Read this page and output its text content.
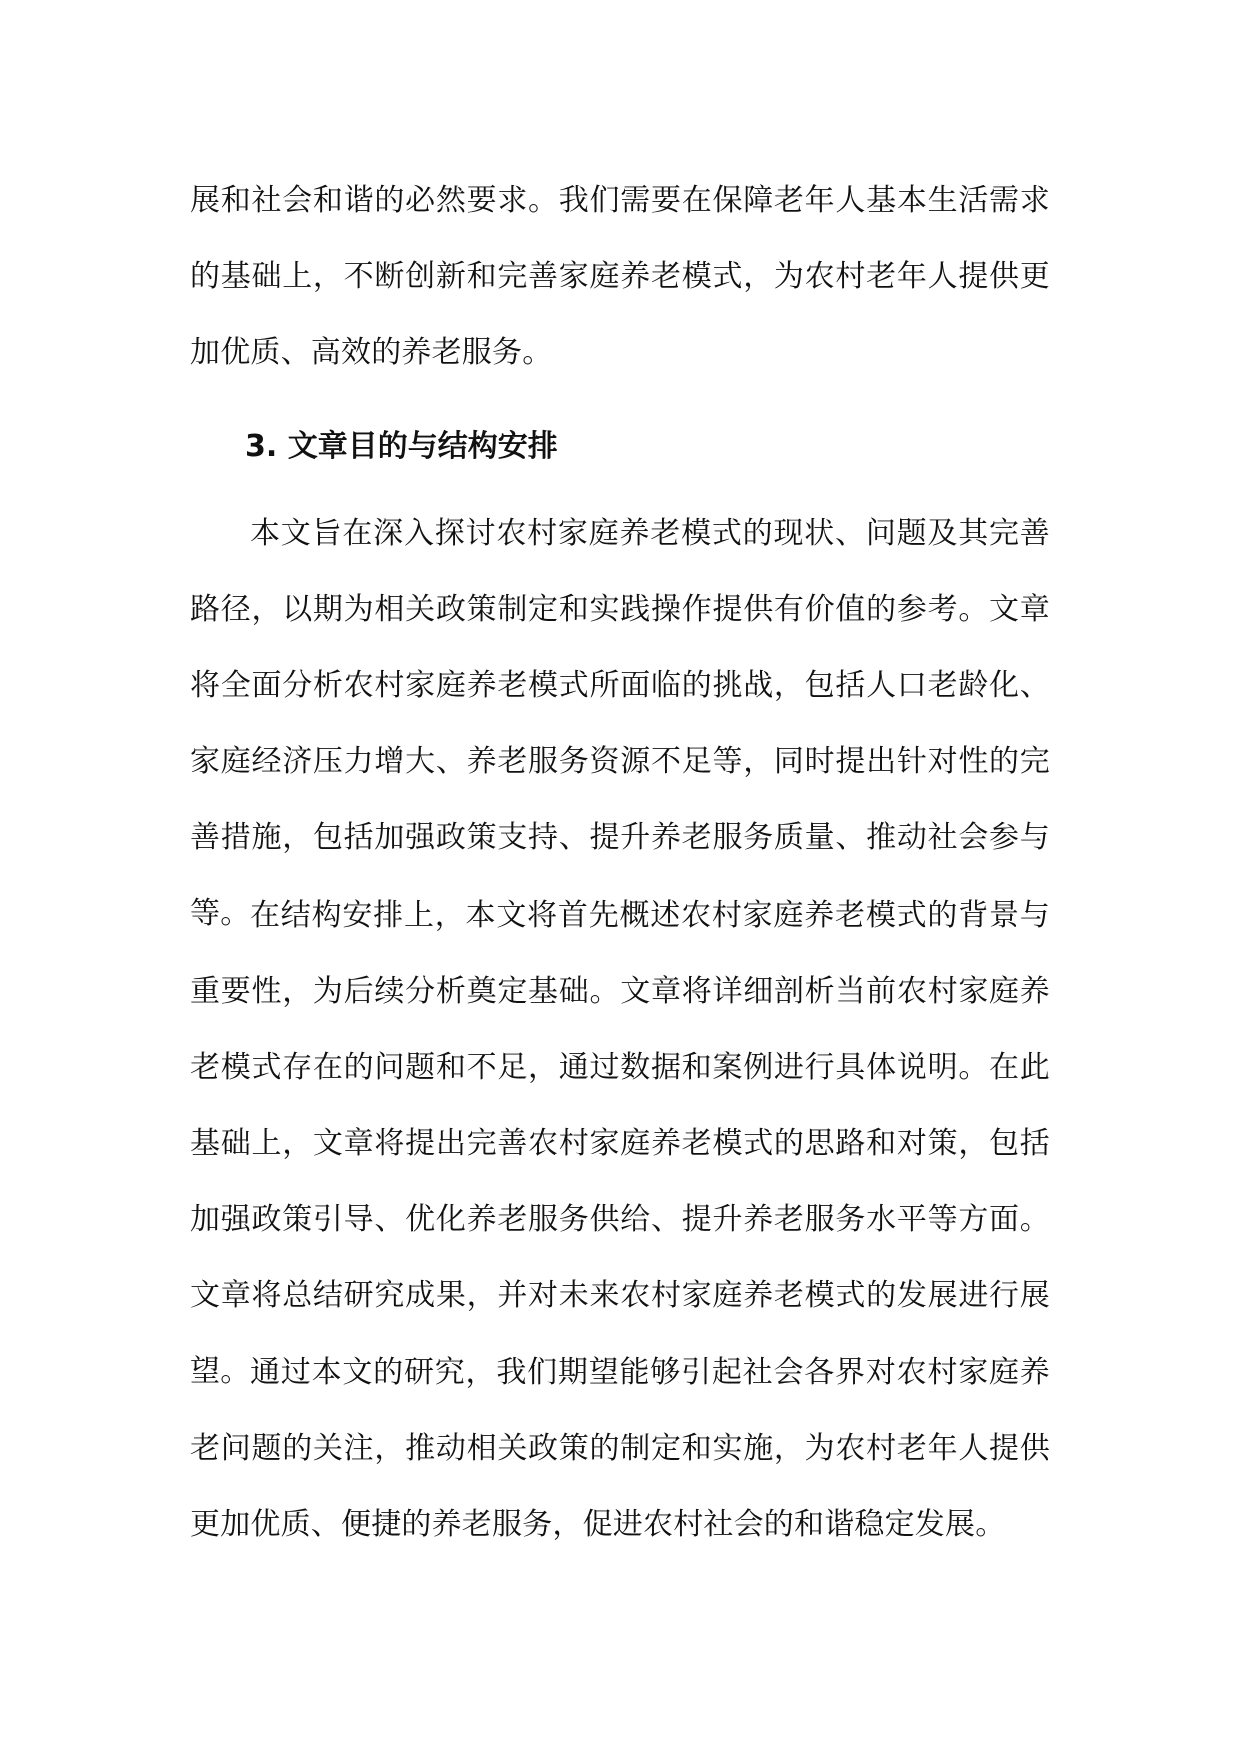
展和社会和谐的必然要求。我们需要在保障老年人基本生活需求的基础上，不断创新和完善家庭养老模式，为农村老年人提供更加优质、高效的养老服务。

3. 文章目的与结构安排

本文旨在深入探讨农村家庭养老模式的现状、问题及其完善路径，以期为相关政策制定和实践操作提供有价值的参考。文章将全面分析农村家庭养老模式所面临的挑战，包括人口老龄化、家庭经济压力增大、养老服务资源不足等，同时提出针对性的完善措施，包括加强政策支持、提升养老服务质量、推动社会参与等。 在结构安排上，本文将首先概述农村家庭养老模式的背景与重要性，为后续分析奠定基础。文章将详细剖析当前农村家庭养老模式存在的问题和不足，通过数据和案例进行具体说明。在此基础上，文章将提出完善农村家庭养老模式的思路和对策，包括加强政策引导、优化养老服务供给、提升养老服务水平等方面。文章将总结研究成果，并对未来农村家庭养老模式的发展进行展望。 通过本文的研究，我们期望能够引起社会各界对农村家庭养老问题的关注，推动相关政策的制定和实施，为农村老年人提供更加优质、便捷的养老服务，促进农村社会的和谐稳定发展。
